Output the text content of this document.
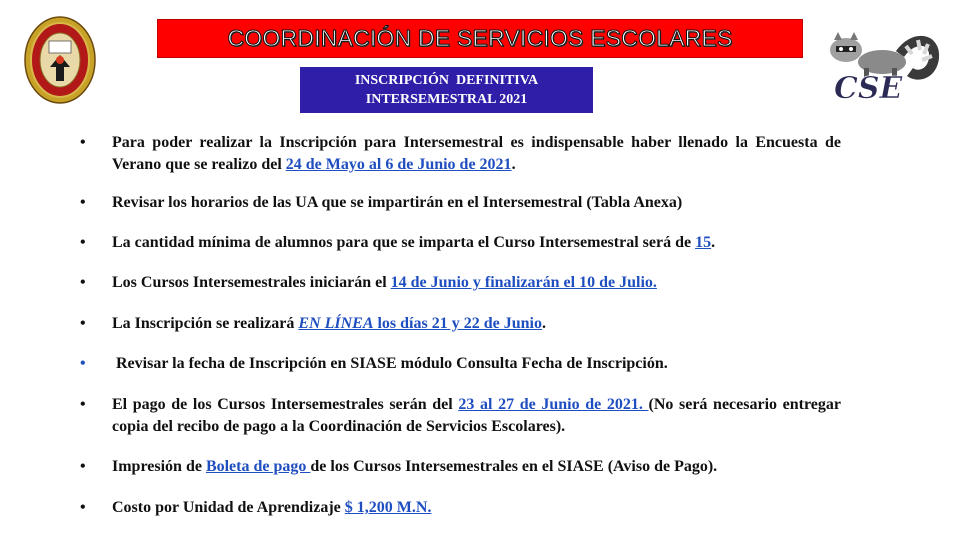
COORDINACIÓN DE SERVICIOS ESCOLARES
INSCRIPCIÓN  DEFINITIVA
INTERSEMESTRAL 2021	CSE
• Para poder realizar la Inscripción para Intersemestral es indispensable haber llenado la Encuesta de Verano que se realizo del 24 de Mayo al 6 de Junio de 2021.
• Revisar los horarios de las UA que se impartirán en el Intersemestral (Tabla Anexa)
• La cantidad mínima de alumnos para que se imparta el Curso Intersemestral será de 15.
• Los Cursos Intersemestrales iniciarán el 14 de Junio y finalizarán el 10 de Julio.
• La Inscripción se realizará EN LÍNEA los días 21 y 22 de Junio.
• Revisar la fecha de Inscripción en SIASE módulo Consulta Fecha de Inscripción.
• El pago de los Cursos Intersemestrales serán del 23 al 27 de Junio de 2021. (No será necesario entregar copia del recibo de pago a la Coordinación de Servicios Escolares).
• Impresión de Boleta de pago de los Cursos Intersemestrales en el SIASE (Aviso de Pago).
• Costo por Unidad de Aprendizaje $ 1,200 M.N.
